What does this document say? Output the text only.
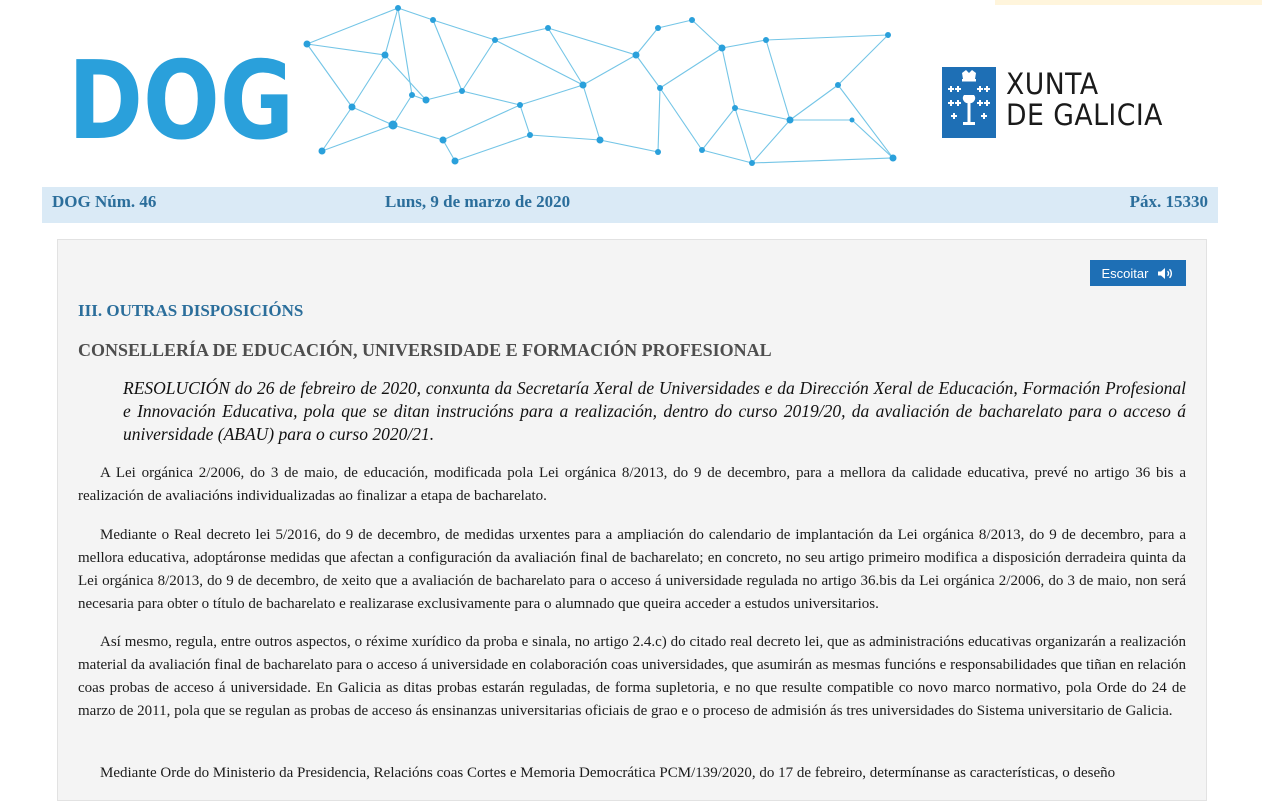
DOG	XUNTA
DE GALICIA
DOG Núm. 46	Luns, 9 de marzo de 2020	Páx. 15330
Escoitar
III. OUTRAS DISPOSICIÓNS
CONSELLERÍA DE EDUCACIÓN, UNIVERSIDADE E FORMACIÓN PROFESIONAL
RESOLUCIÓN do 26 de febreiro de 2020, conxunta da Secretaría Xeral de Universidades e da Dirección Xeral de Educación, Formación Profesional e Innovación Educativa, pola que se ditan instrucións para a realización, dentro do curso 2019/20, da avaliación de bacharelato para o acceso á universidade (ABAU) para o curso 2020/21.

A Lei orgánica 2/2006, do 3 de maio, de educación, modificada pola Lei orgánica 8/2013, do 9 de decembro, para a mellora da calidade educativa, prevé no artigo 36 bis a realización de avaliacións individualizadas ao finalizar a etapa de bacharelato.

Mediante o Real decreto lei 5/2016, do 9 de decembro, de medidas urxentes para a ampliación do calendario de implantación da Lei orgánica 8/2013, do 9 de decembro, para a mellora educativa, adoptáronse medidas que afectan a configuración da avaliación final de bacharelato; en concreto, no seu artigo primeiro modifica a disposición derradeira quinta da Lei orgánica 8/2013, do 9 de decembro, de xeito que a avaliación de bacharelato para o acceso á universidade regulada no artigo 36.bis da Lei orgánica 2/2006, do 3 de maio, non será necesaria para obter o título de bacharelato e realizarase exclusivamente para o alumnado que queira acceder a estudos universitarios.

Así mesmo, regula, entre outros aspectos, o réxime xurídico da proba e sinala, no artigo 2.4.c) do citado real decreto lei, que as administracións educativas organizarán a realización material da avaliación final de bacharelato para o acceso á universidade en colaboración coas universidades, que asumirán as mesmas funcións e responsabilidades que tiñan en relación coas probas de acceso á universidade. En Galicia as ditas probas estarán reguladas, de forma supletoria, e no que resulte compatible co novo marco normativo, pola Orde do 24 de marzo de 2011, pola que se regulan as probas de acceso ás ensinanzas universitarias oficiais de grao e o proceso de admisión ás tres universidades do Sistema universitario de Galicia.

Mediante Orde do Ministerio da Presidencia, Relacións coas Cortes e Memoria Democrática PCM/139/2020, do 17 de febreiro, determínanse as características, o deseño
